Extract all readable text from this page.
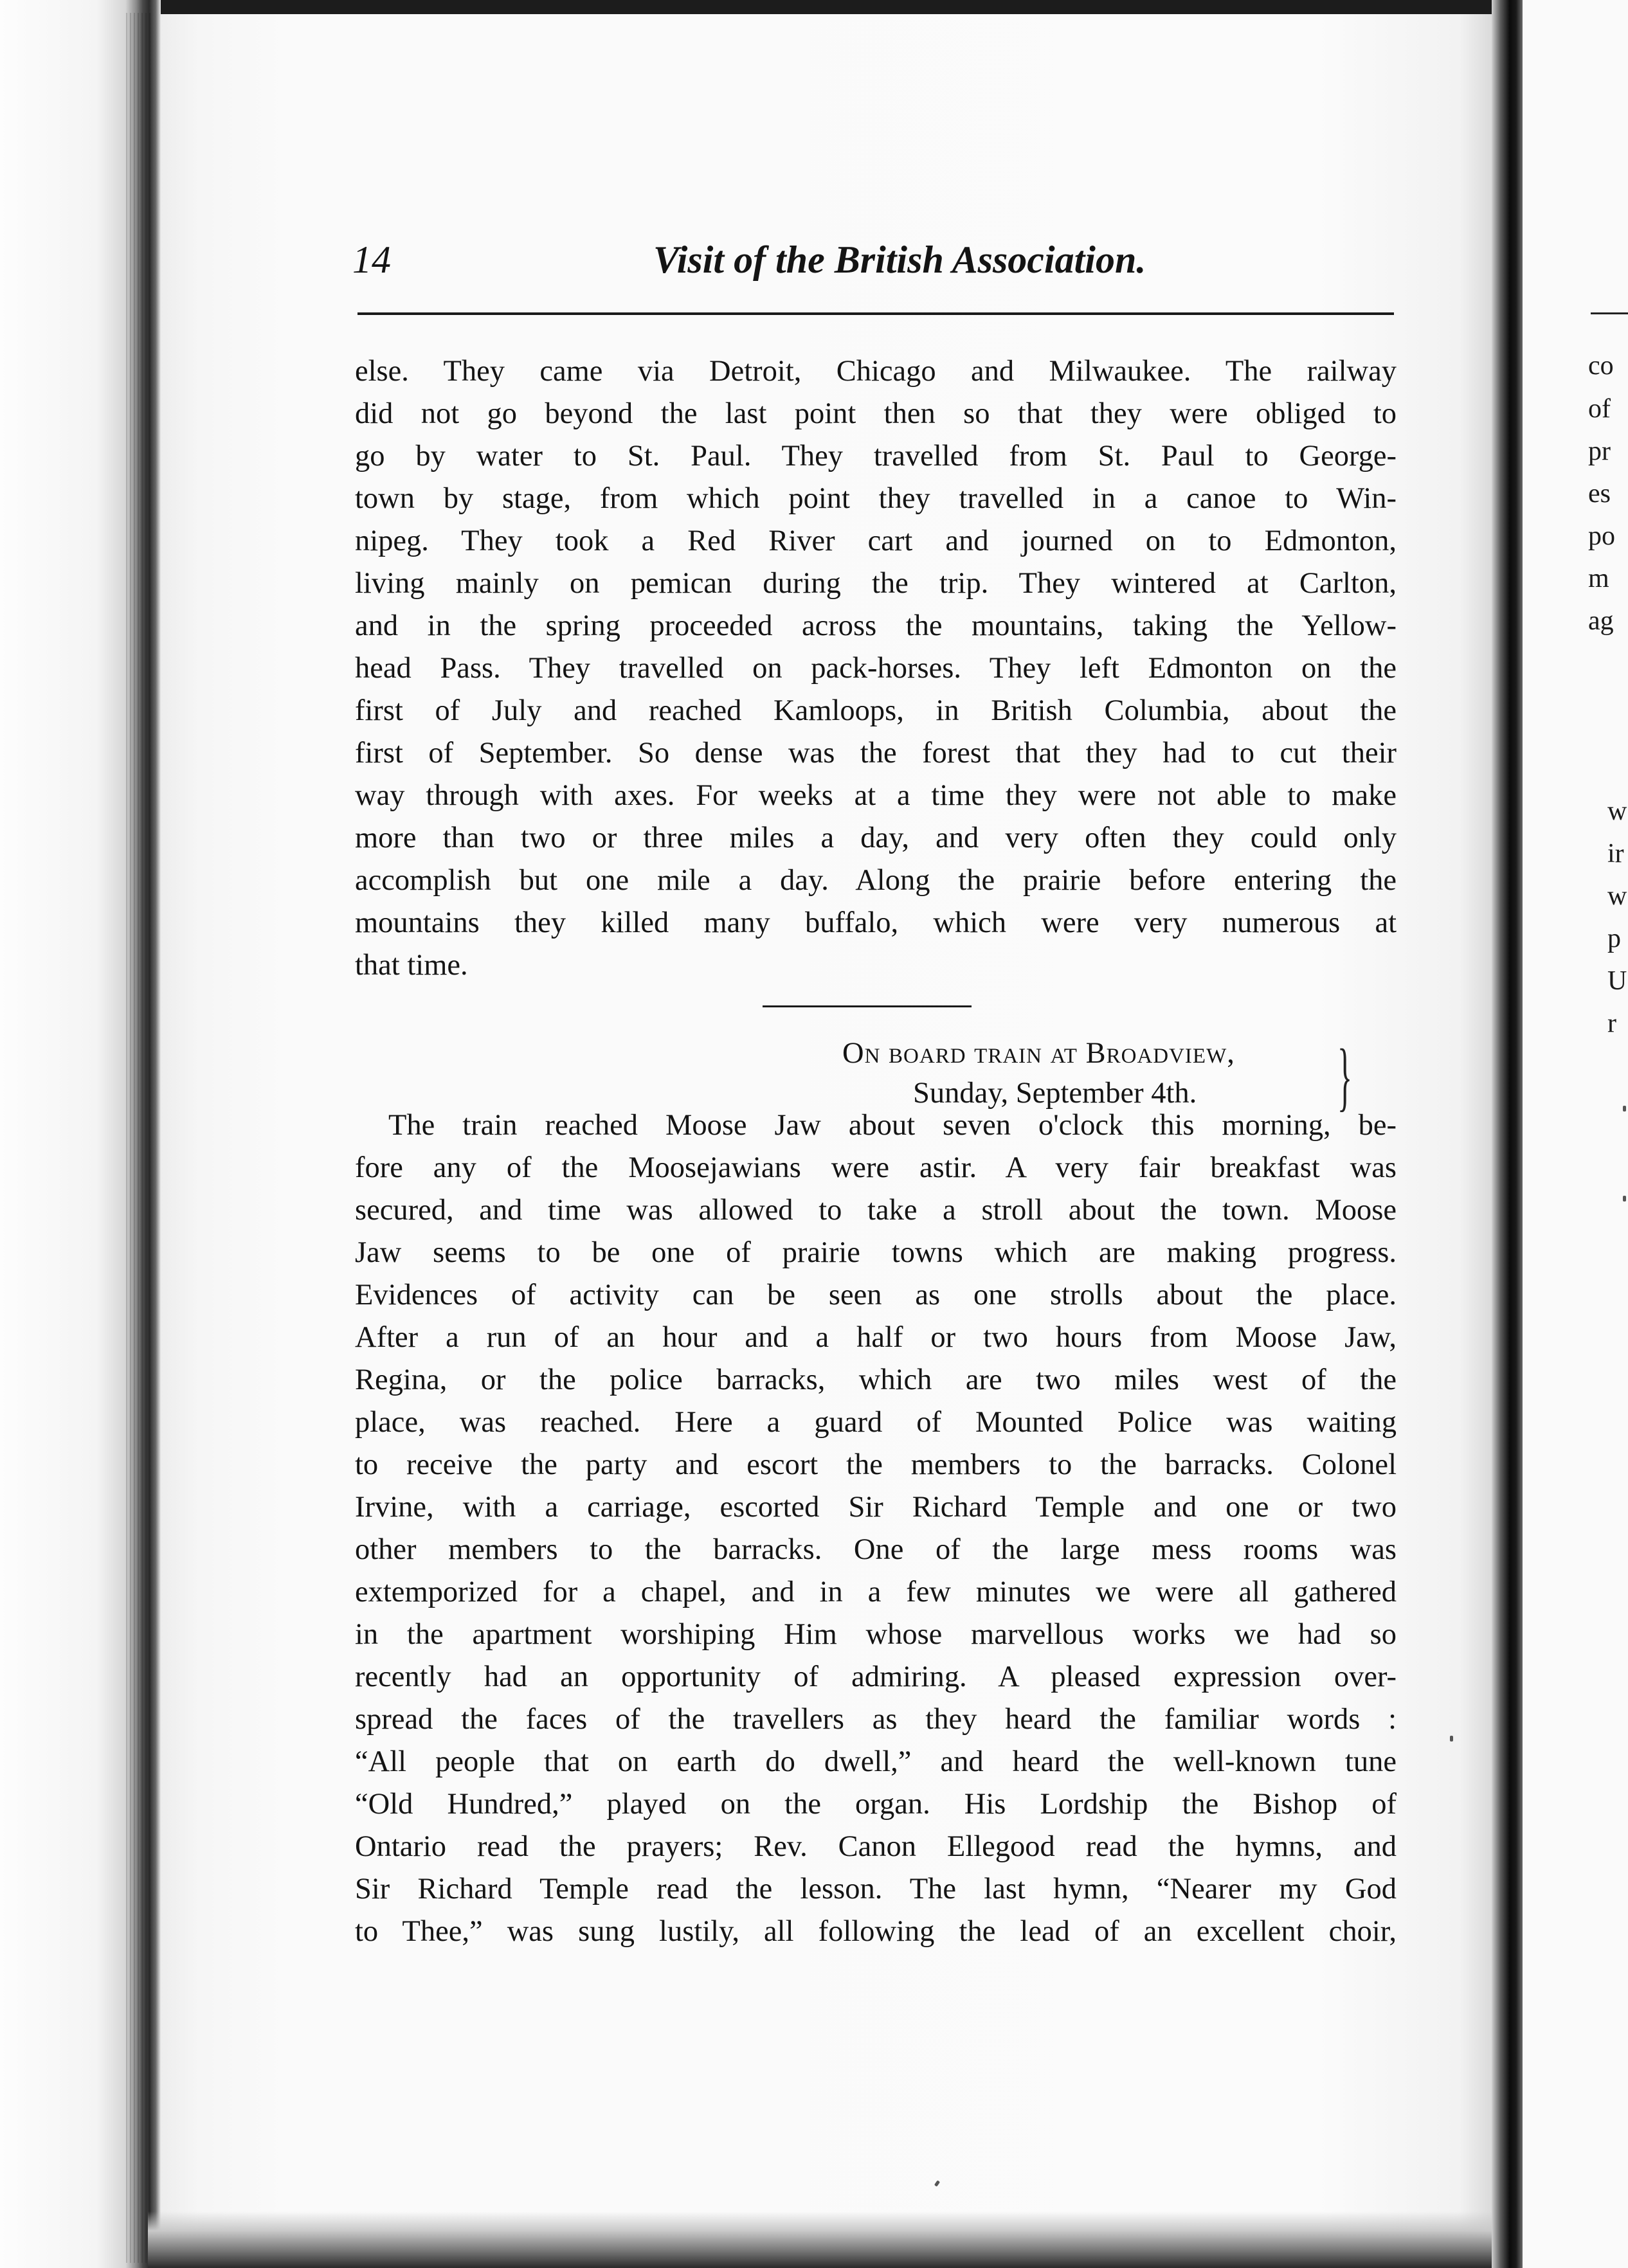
14	Visit of the British Association.
else. They came via Detroit, Chicago and Milwaukee. The railway
did not go beyond the last point then so that they were obliged to
go by water to St. Paul. They travelled from St. Paul to George-
town by stage, from which point they travelled in a canoe to Win-
nipeg. They took a Red River cart and journed on to Edmonton,
living mainly on pemican during the trip. They wintered at Carlton,
and in the spring proceeded across the mountains, taking the Yellow-
head Pass. They travelled on pack-horses. They left Edmonton on the
first of July and reached Kamloops, in British Columbia, about the
first of September. So dense was the forest that they had to cut their
way through with axes. For weeks at a time they were not able to make
more than two or three miles a day, and very often they could only
accomplish but one mile a day. Along the prairie before entering the
mountains they killed many buffalo, which were very numerous at
that time.
On board train at Broadview,
Sunday, September 4th.	}
The train reached Moose Jaw about seven o'clock this morning, be-
fore any of the Moosejawians were astir. A very fair breakfast was
secured, and time was allowed to take a stroll about the town. Moose
Jaw seems to be one of prairie towns which are making progress.
Evidences of activity can be seen as one strolls about the place.
After a run of an hour and a half or two hours from Moose Jaw,
Regina, or the police barracks, which are two miles west of the
place, was reached. Here a guard of Mounted Police was waiting
to receive the party and escort the members to the barracks. Colonel
Irvine, with a carriage, escorted Sir Richard Temple and one or two
other members to the barracks. One of the large mess rooms was
extemporized for a chapel, and in a few minutes we were all gathered
in the apartment worshiping Him whose marvellous works we had so
recently had an opportunity of admiring. A pleased expression over-
spread the faces of the travellers as they heard the familiar words :
“All people that on earth do dwell,” and heard the well-known tune
“Old Hundred,” played on the organ. His Lordship the Bishop of
Ontario read the prayers; Rev. Canon Ellegood read the hymns, and
Sir Richard Temple read the lesson. The last hymn, “Nearer my God
to Thee,” was sung lustily, all following the lead of an excellent choir,
co
of
pr
es
po
m
ag
w
ir
w
p
U
r
